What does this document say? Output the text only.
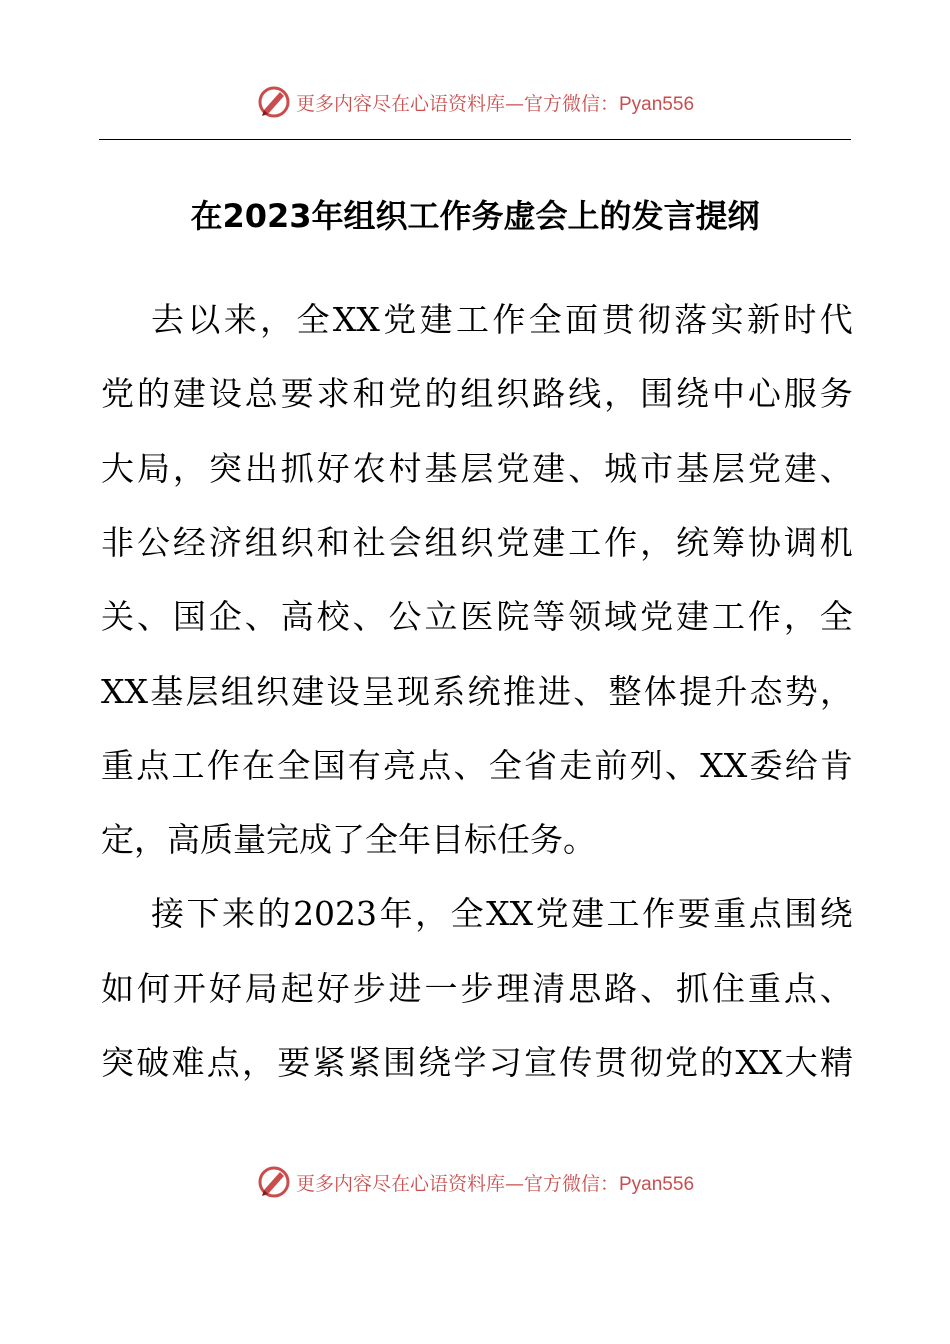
更多内容尽在心语资料库—官方微信：Pyan556
在2023年组织工作务虚会上的发言提纲
去 以 来 ， 全 XX 党 建 工 作 全 面 贯 彻 落 实 新 时 代
党 的 建 设 总 要 求 和 党 的 组 织 路 线 ， 围 绕 中 心 服 务
大 局 ， 突 出 抓 好 农 村 基 层 党 建 、 城 市 基 层 党 建 、
非 公 经 济 组 织 和 社 会 组 织 党 建 工 作 ， 统 筹 协 调 机
关 、 国 企 、 高 校 、 公 立 医 院 等 领 域 党 建 工 作 ， 全
XX 基 层 组 织 建 设 呈 现 系 统 推 进 、 整 体 提 升 态 势 ，
重 点 工 作 在 全 国 有 亮 点 、 全 省 走 前 列 、 XX 委 给 肯
定 ， 高 质 量 完 成 了 全 年 目 标 任 务 。
接 下 来 的 2023 年 ， 全 XX 党 建 工 作 要 重 点 围 绕
如 何 开 好 局 起 好 步 进 一 步 理 清 思 路 、 抓 住 重 点 、
突 破 难 点 ， 要 紧 紧 围 绕 学 习 宣 传 贯 彻 党 的 XX 大 精
更多内容尽在心语资料库—官方微信：Pyan556
